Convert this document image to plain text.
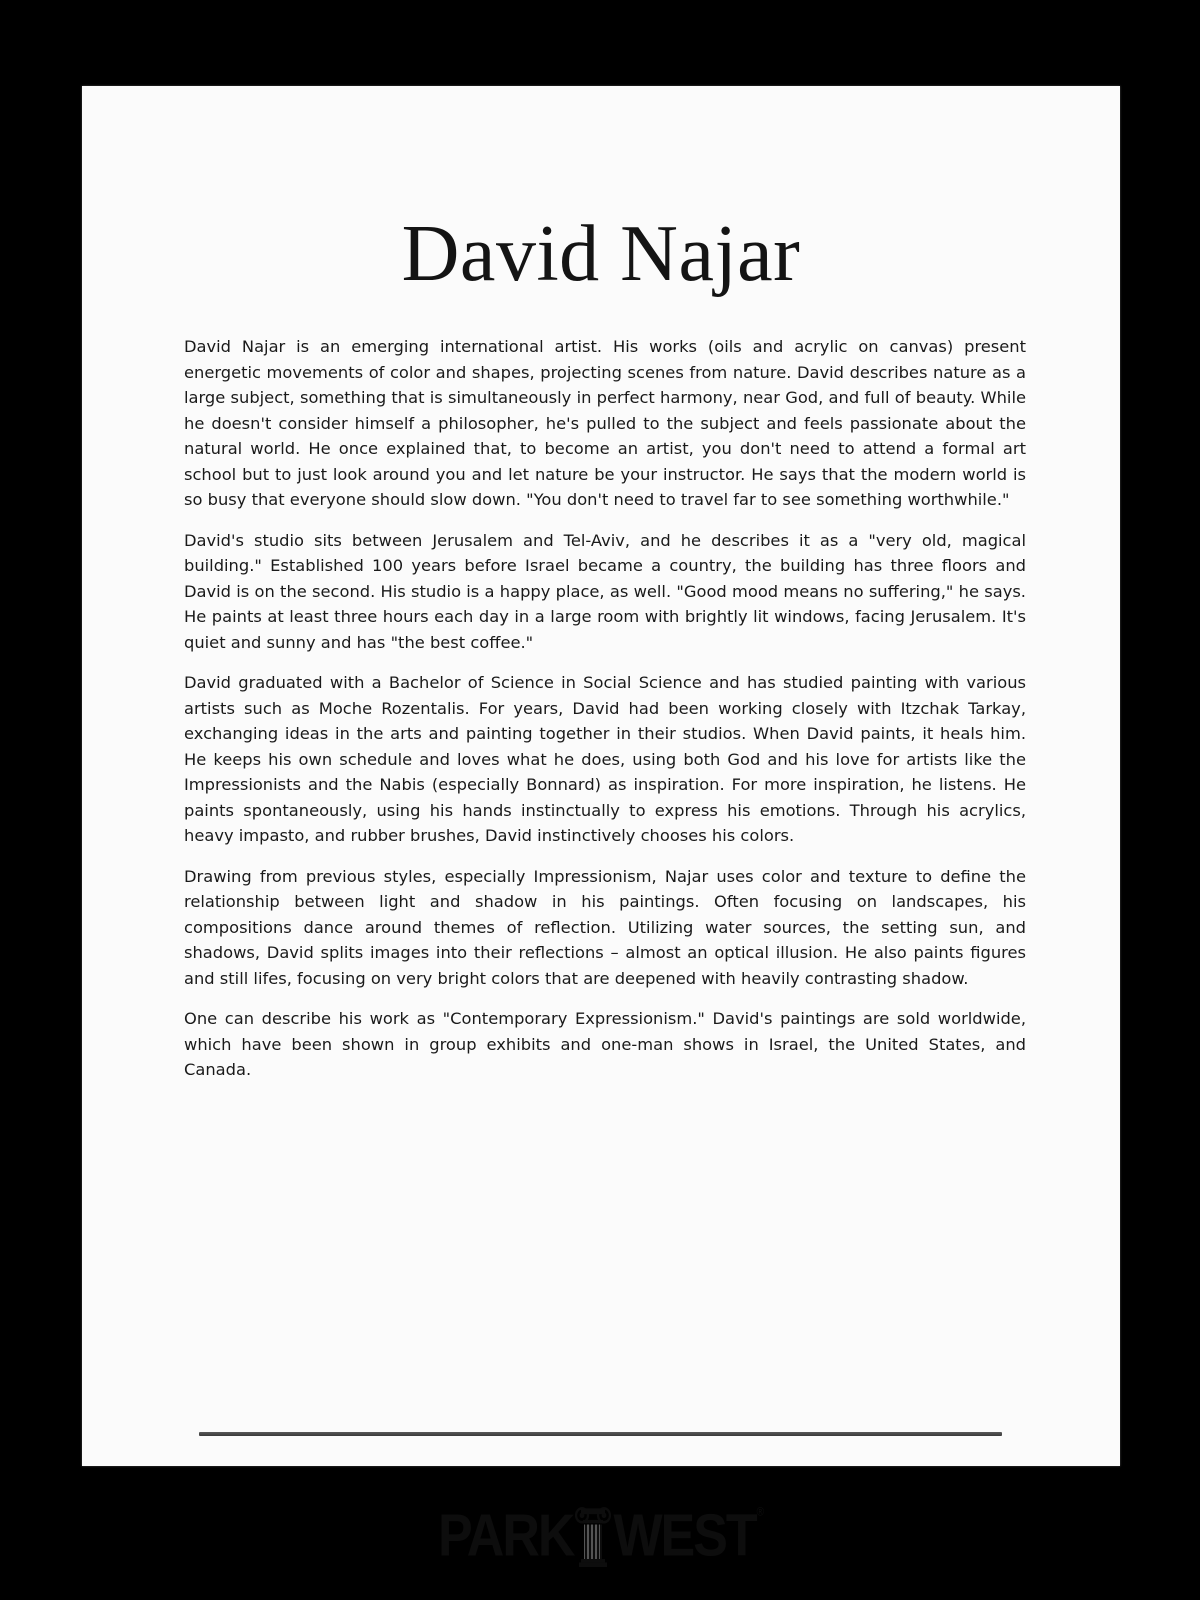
David Najar

David Najar is an emerging international artist. His works (oils and acrylic on canvas) present energetic movements of color and shapes, projecting scenes from nature. David describes nature as a large subject, something that is simultaneously in perfect harmony, near God, and full of beauty. While he doesn't consider himself a philosopher, he's pulled to the subject and feels passionate about the natural world. He once explained that, to become an artist, you don't need to attend a formal art school but to just look around you and let nature be your instructor. He says that the modern world is so busy that everyone should slow down. "You don't need to travel far to see something worthwhile."

David's studio sits between Jerusalem and Tel-Aviv, and he describes it as a "very old, magical building." Established 100 years before Israel became a country, the building has three floors and David is on the second. His studio is a happy place, as well. "Good mood means no suffering," he says. He paints at least three hours each day in a large room with brightly lit windows, facing Jerusalem. It's quiet and sunny and has "the best coffee."

David graduated with a Bachelor of Science in Social Science and has studied painting with various artists such as Moche Rozentalis. For years, David had been working closely with Itzchak Tarkay, exchanging ideas in the arts and painting together in their studios. When David paints, it heals him. He keeps his own schedule and loves what he does, using both God and his love for artists like the Impressionists and the Nabis (especially Bonnard) as inspiration. For more inspiration, he listens. He paints spontaneously, using his hands instinctually to express his emotions. Through his acrylics, heavy impasto, and rubber brushes, David instinctively chooses his colors.

Drawing from previous styles, especially Impressionism, Najar uses color and texture to define the relationship between light and shadow in his paintings. Often focusing on landscapes, his compositions dance around themes of reflection. Utilizing water sources, the setting sun, and shadows, David splits images into their reflections – almost an optical illusion. He also paints figures and still lifes, focusing on very bright colors that are deepened with heavily contrasting shadow.

One can describe his work as "Contemporary Expressionism." David's paintings are sold worldwide, which have been shown in group exhibits and one-man shows in Israel, the United States, and Canada.

PARK WEST ®
